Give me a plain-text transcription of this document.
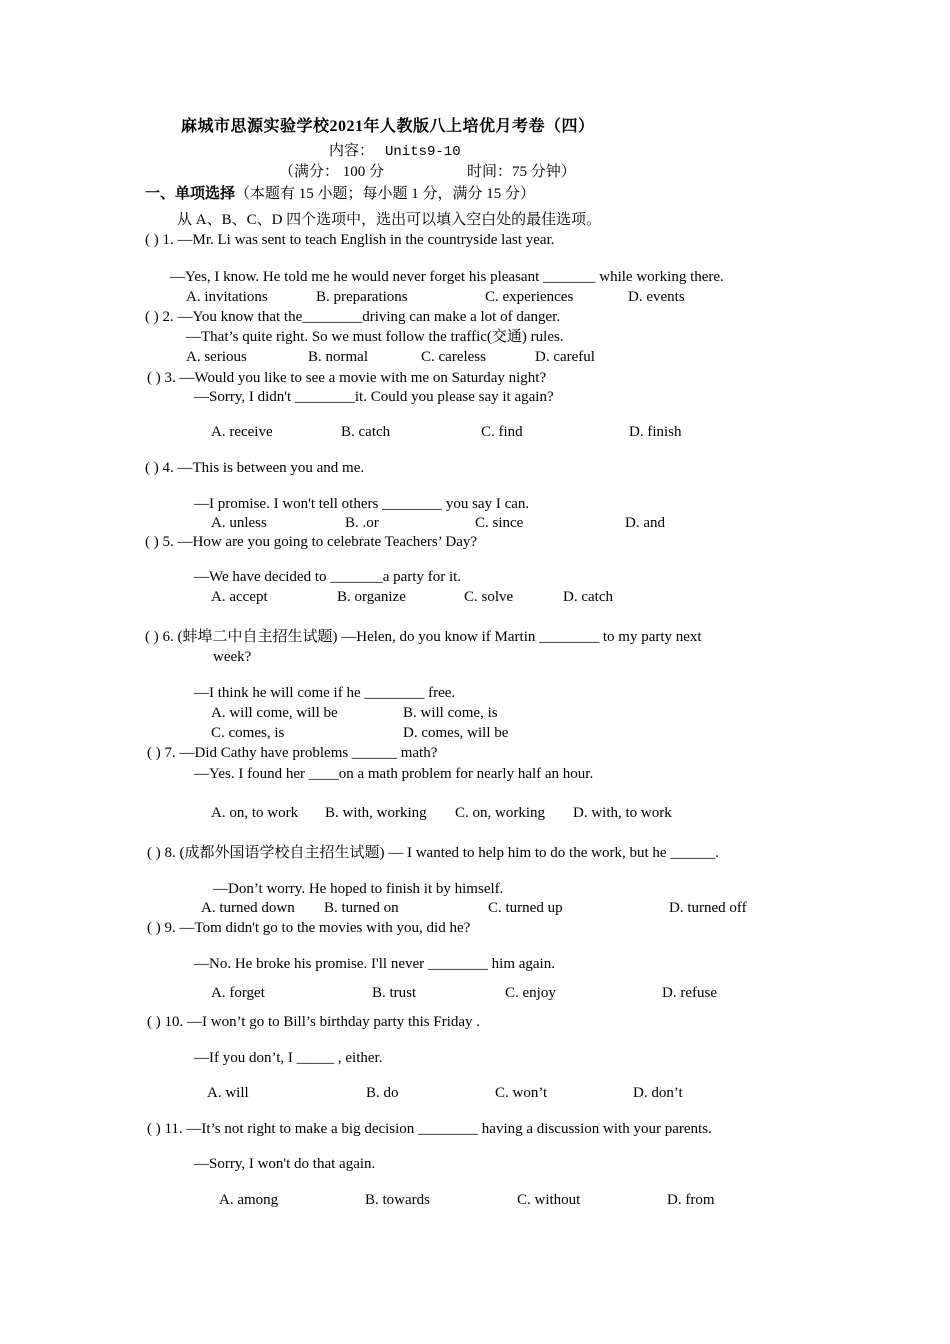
麻城市思源实验学校2021年人教版八上培优月考卷（四）
内容： Units9-10
（满分： 100 分	时间：75 分钟）
一、单项选择（本题有 15 小题；每小题 1 分，满分 15 分）
从 A、B、C、D 四个选项中，选出可以填入空白处的最佳选项。
( ) 1. —Mr. Li was sent to teach English in the countryside last year.
—Yes, I know. He told me he would never forget his pleasant _______ while working there.
A. invitations	B. preparations	C. experiences	D. events
( ) 2. —You know that the________driving can make a lot of danger.
—That’s quite right. So we must follow the traffic(交通) rules.
A. serious	B. normal	C. careless	D. careful
( ) 3. —Would you like to see a movie with me on Saturday night?
—Sorry, I didn't ________it. Could you please say it again?
A. receive	B. catch	C. find	D. finish
( ) 4. —This is between you and me.
—I promise. I won't tell others ________ you say I can.
A. unless	B. .or	C. since	D. and
( ) 5. —How are you going to celebrate Teachers’ Day?
—We have decided to _______a party for it.
A. accept	B. organize	C. solve	D. catch
( ) 6. (蚌埠二中自主招生试题) —Helen, do you know if Martin ________ to my party next
week?
—I think he will come if he ________ free.
A. will come, will be	B. will come, is
C. comes, is	D. comes, will be
( ) 7. —Did Cathy have problems ______ math?
—Yes. I found her ____on a math problem for nearly half an hour.
A. on, to work B. with, working C. on, working D. with, to work
( ) 8. (成都外国语学校自主招生试题) — I wanted to help him to do the work, but he ______.
—Don’t worry. He hoped to finish it by himself.
A. turned down B. turned on	C. turned up	D. turned off
( ) 9. —Tom didn't go to the movies with you, did he?
—No. He broke his promise. I'll never ________ him again.
A. forget	B. trust	C. enjoy	D. refuse
( ) 10. —I won’t go to Bill’s birthday party this Friday .
—If you don’t, I _____ , either.
A. will	B. do	C. won’t	D. don’t
( ) 11. —It’s not right to make a big decision ________ having a discussion with your parents.
—Sorry, I won't do that again.
A. among	B. towards	C. without	D. from
